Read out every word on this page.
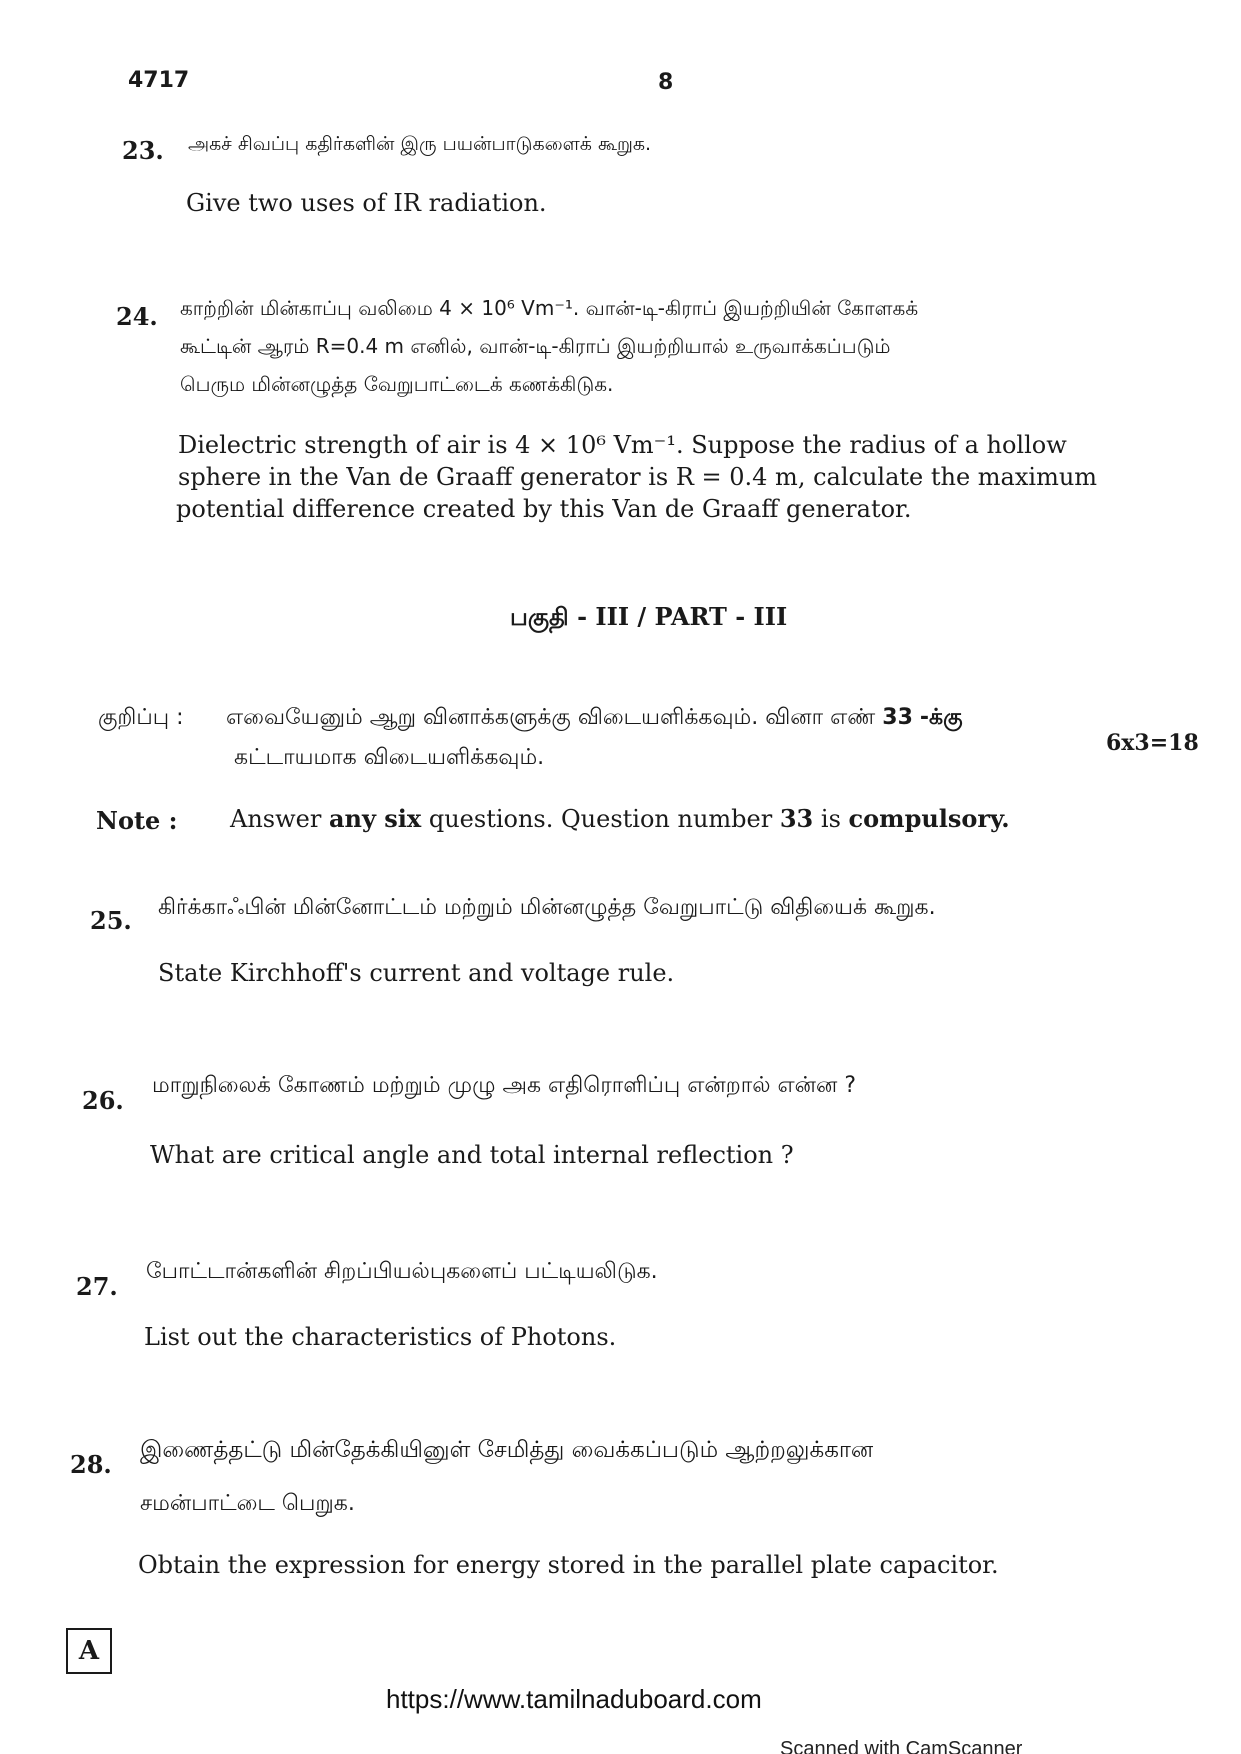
4717	8
23. அகச் சிவப்பு கதிர்களின் இரு பயன்பாடுகளைக் கூறுக.
Give two uses of IR radiation.
24. காற்றின் மின்காப்பு வலிமை 4 × 10⁶ Vm⁻¹. வான்-டி-கிராப் இயற்றியின் கோளகக்
கூட்டின் ஆரம் R=0.4 m எனில், வான்-டி-கிராப் இயற்றியால் உருவாக்கப்படும்
பெரும மின்னழுத்த வேறுபாட்டைக் கணக்கிடுக.
Dielectric strength of air is 4 × 10⁶ Vm⁻¹. Suppose the radius of a hollow
sphere in the Van de Graaff generator is R = 0.4 m, calculate the maximum
potential difference created by this Van de Graaff generator.
பகுதி - III / PART - III
குறிப்பு : எவையேனும் ஆறு வினாக்களுக்கு விடையளிக்கவும். வினா எண் 33 -க்கு
கட்டாயமாக விடையளிக்கவும்.
6x3=18
Note : Answer any six questions. Question number 33 is compulsory.
25. கிர்க்காஃபின் மின்னோட்டம் மற்றும் மின்னழுத்த வேறுபாட்டு விதியைக் கூறுக.
State Kirchhoff's current and voltage rule.
26.
மாறுநிலைக் கோணம் மற்றும் முழு அக எதிரொளிப்பு என்றால் என்ன ?
What are critical angle and total internal reflection ?
27.
போட்டான்களின் சிறப்பியல்புகளைப் பட்டியலிடுக.
List out the characteristics of Photons.
28. இணைத்தட்டு மின்தேக்கியினுள் சேமித்து வைக்கப்படும் ஆற்றலுக்கான
சமன்பாட்டை பெறுக.
Obtain the expression for energy stored in the parallel plate capacitor.
A
https://www.tamilnaduboard.com
Scanned with CamScanner
